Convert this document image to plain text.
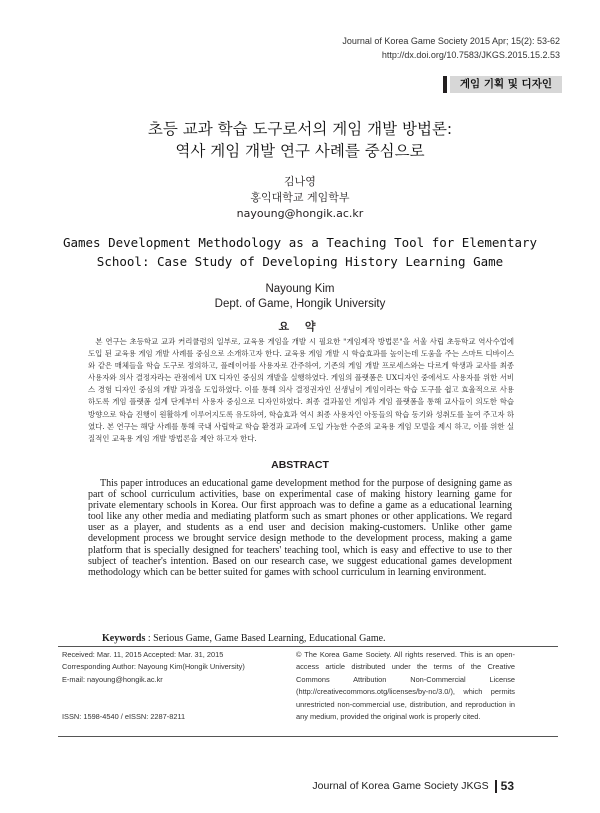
Journal of Korea Game Society 2015 Apr; 15(2): 53-62
http://dx.doi.org/10.7583/JKGS.2015.15.2.53
게임 기획 및 디자인
초등 교과 학습 도구로서의 게임 개발 방법론:
역사 게임 개발 연구 사례를 중심으로
김나영
홍익대학교 게임학부
nayoung@hongik.ac.kr
Games Development Methodology as a Teaching Tool for Elementary
School: Case Study of Developing History Learning Game
Nayoung Kim
Dept. of Game, Hongik University
요 약
본 연구는 초등학교 교과 커리큘럼의 일부로, 교육용 게임을 개발 시 필요한 "게임제작 방법론"을 서울 사립 초등학교 역사수업에 도입 된 교육용 게임 개발 사례를 중심으로 소개하고자 한다. 교육용 게임 개발 시 학습효과를 높이는데 도움을 주는 스마트 디바이스와 같은 매체들을 학습 도구로 정의하고, 플레이어를 사용자로 간주하여, 기존의 게임 개발 프로세스와는 다르게 학생과 교사를 최종 사용자와 의사 결정자라는 관점에서 UX 디자인 중심의 개발을 실행하였다. 게임의 플랫폼은 UX디자인 중에서도 사용자를 위한 서비스 경험 디자인 중심의 개발 과정을 도입하였다. 이를 통해 의사 결정권자인 선생님이 게임이라는 학습 도구를 쉽고 효율적으로 사용하도록 게임 플랫폼 설계 단계부터 사용자 중심으로 디자인하였다. 최종 결과물인 게임과 게임 플랫폼을 통해 교사들이 의도한 학습 방향으로 학습 진행이 원활하게 이루어지도록 유도하여, 학습효과 역시 최종 사용자인 아동들의 학습 동기와 성취도를 높여 주고자 하였다. 본 연구는 해당 사례를 통해 국내 사립학교 학습 환경과 교과에 도입 가능한 수준의 교육용 게임 모델을 제시 하고, 이를 위한 실질적인 교육용 게임 개발 방법론을 제안 하고자 한다.
ABSTRACT
This paper introduces an educational game development method for the purpose of designing game as part of school curriculum activities, base on experimental case of making history learning game for private elementary schools in Korea. Our first approach was to define a game as a educational learning tool like any other media and mediating platform such as smart phones or other applications. We regard user as a player, and students as a end user and decision making-customers. Unlike other game development process we brought service design methode to the development process, making a game platform that is specially designed for teachers' teaching tool, which is easy and effective to use to ther subject of teacher's intention. Based on our research case, we suggest educational games development methodology which can be better suited for games with school curriculum in learning environment.
Keywords : Serious Game, Game Based Learning, Educational Game.
Received: Mar. 11, 2015 Accepted: Mar. 31, 2015
Corresponding Author: Nayoung Kim(Hongik University)
E-mail: nayoung@hongik.ac.kr
ISSN: 1598-4540 / eISSN: 2287-8211
© The Korea Game Society. All rights reserved. This is an open-access article distributed under the terms of the Creative Commons Attribution Non-Commercial License (http://creativecommons.otg/licenses/by-nc/3.0/), which permits unrestricted non-commercial use, distribution, and reproduction in any medium, provided the original work is properly cited.
Journal of Korea Game Society JKGS 53
